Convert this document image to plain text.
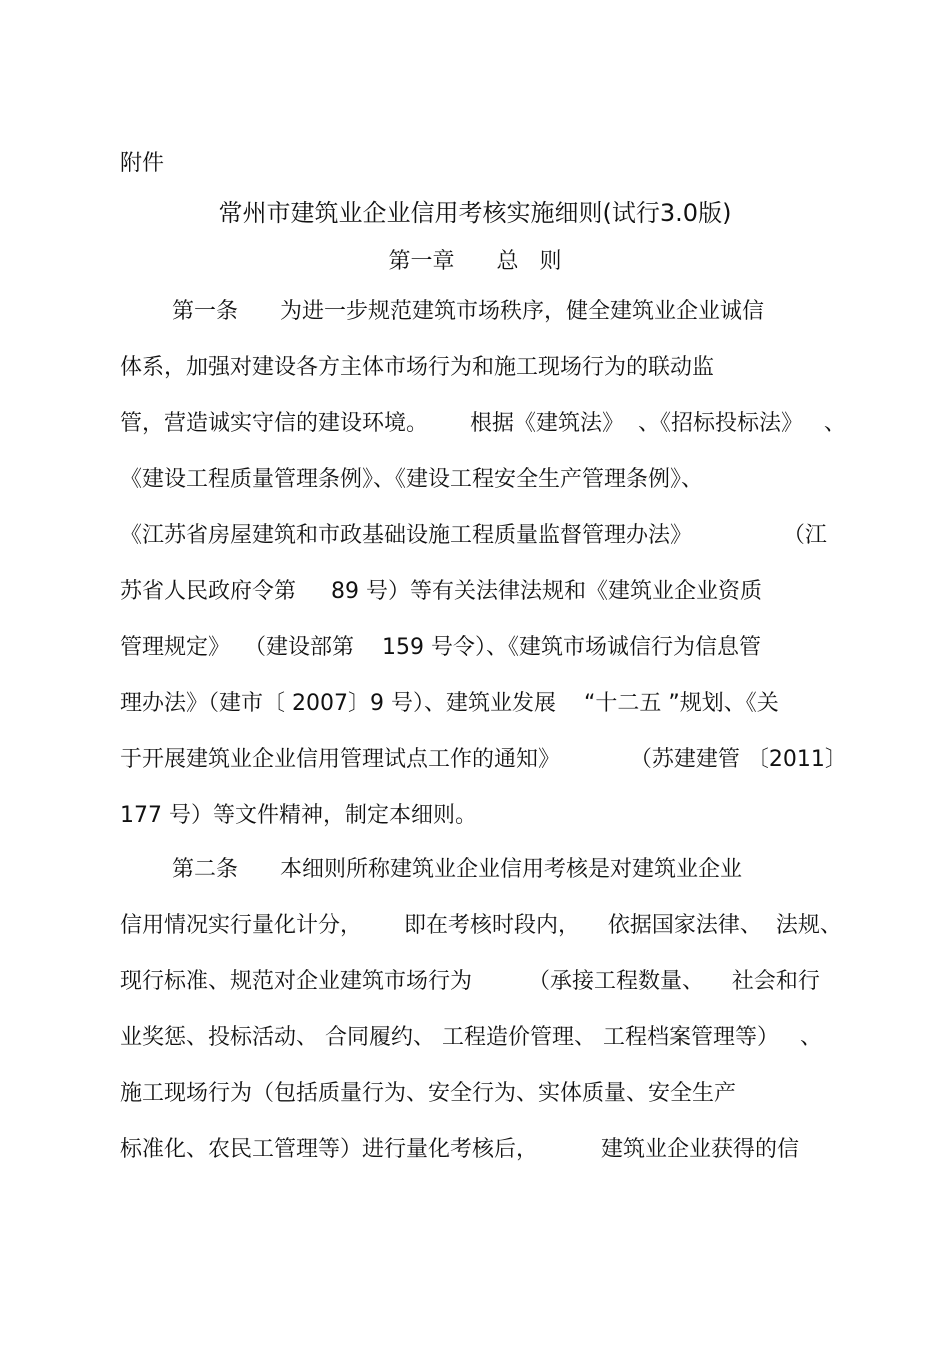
附件
常州市建筑业企业信用考核实施细则(试行3.0版)
第一章      总   则
第一条      为进一步规范建筑市场秩序，健全建筑业企业诚信
体系，加强对建设各方主体市场行为和施工现场行为的联动监
管，营造诚实守信的建设环境。      根据《建筑法》  、《招标投标法》   、
《建设工程质量管理条例》、《建设工程安全生产管理条例》、
《江苏省房屋建筑和市政基础设施工程质量监督管理办法》             （江
苏省人民政府令第     89 号）等有关法律法规和《建筑业企业资质
管理规定》  （建设部第    159 号令）、《建筑市场诚信行为信息管
理办法》（建市〔 2007〕9 号）、建筑业发展    “十二五 ”规划、《关
于开展建筑业企业信用管理试点工作的通知》          （苏建建管 〔2011〕
177 号）等文件精神，制定本细则。
第二条      本细则所称建筑业企业信用考核是对建筑业企业
信用情况实行量化计分，      即在考核时段内，    依据国家法律、  法规、
现行标准、规范对企业建筑市场行为        （承接工程数量、    社会和行
业奖惩、投标活动、 合同履约、 工程造价管理、 工程档案管理等）   、
施工现场行为（包括质量行为、安全行为、实体质量、安全生产
标准化、农民工管理等）进行量化考核后，         建筑业企业获得的信
